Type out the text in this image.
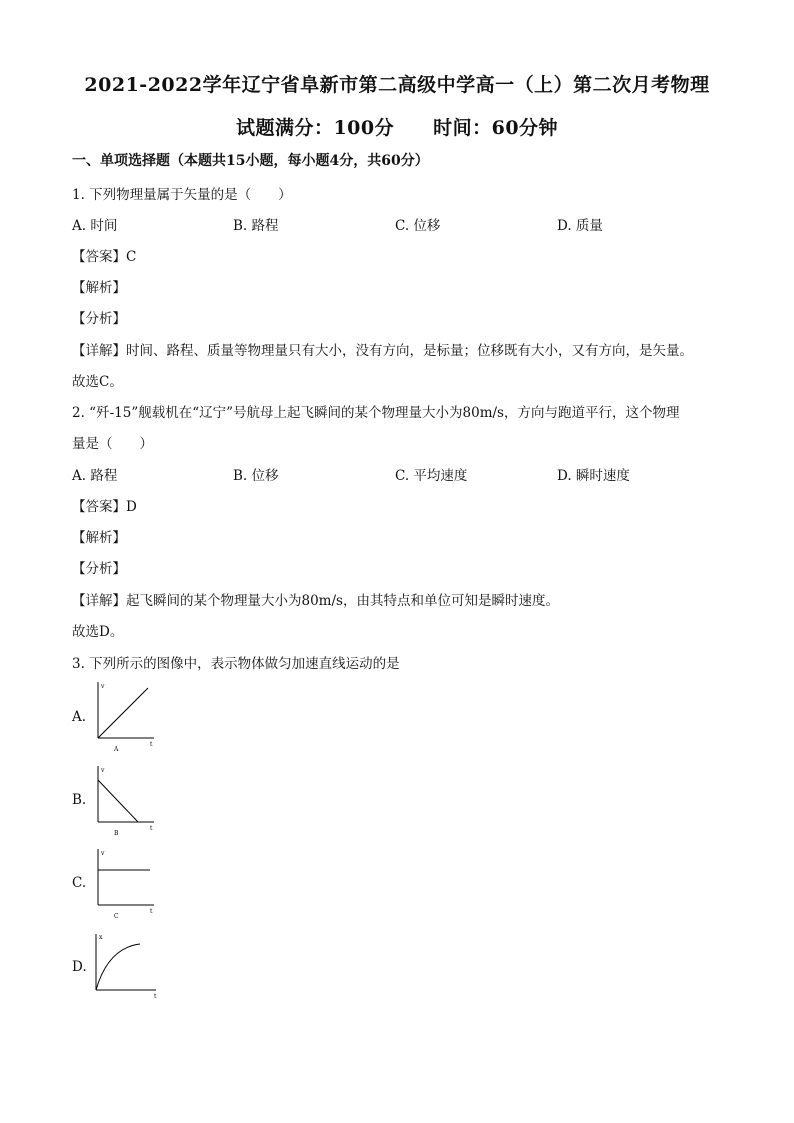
2021-2022学年辽宁省阜新市第二高级中学高一（上）第二次月考物理
试题满分：100分　　时间：60分钟
一、单项选择题（本题共15小题，每小题4分，共60分）
1. 下列物理量属于矢量的是（　　）
A. 时间	B. 路程	C. 位移	D. 质量
【答案】C
【解析】
【分析】
【详解】时间、路程、质量等物理量只有大小，没有方向，是标量；位移既有大小，又有方向，是矢量。
故选C。
2. “歼-15”舰载机在“辽宁”号航母上起飞瞬间的某个物理量大小为80m/s，方向与跑道平行，这个物理
量是（　　）
A. 路程	B. 位移	C. 平均速度	D. 瞬时速度
【答案】D
【解析】
【分析】
【详解】起飞瞬间的某个物理量大小为80m/s，由其特点和单位可知是瞬时速度。
故选D。
3. 下列所示的图像中，表示物体做匀加速直线运动的是
A.
v
t
A
B.
v
t
B
C.
v
t
C
D.
x
t
